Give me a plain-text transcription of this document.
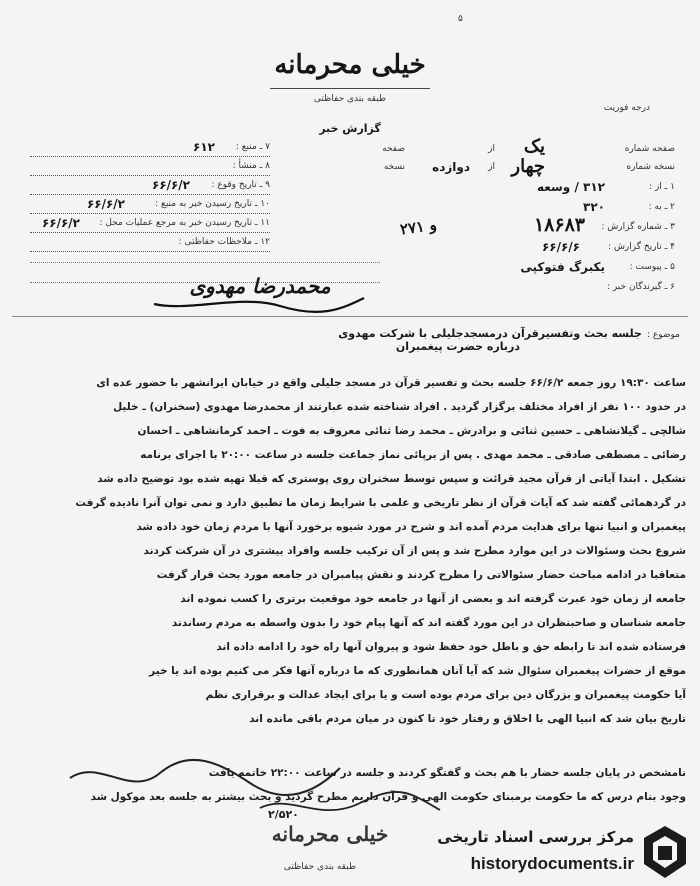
۵
خیلی محرمانه
طبقه بندی حفاظتی
درجه فوریت
گزارش خبر
صفحه شماره
یک
از
صفحه
نسخه شماره
چهار
از
دوازده
نسخه
۱ ـ از :
۳۱۲ / وسعه
۲ ـ به :
۳۲۰
۳ ـ شماره گزارش :
۱۸۶۸۳
۴ ـ تاریخ گزارش :
۶۶/۶/۶
۵ ـ پیوست :
یکبرگ فتوکپی
۶ ـ گیرندگان خبر :
۲۷۱ و
۷ ـ منبع :
۶۱۲
۸ ـ منشأ :
۹ ـ تاریخ وقوع :
۶۶/۶/۲
۱۰ ـ تاریخ رسیدن خبر به منبع :
۶۶/۶/۲
۱۱ ـ تاریخ رسیدن خبر به مرجع عملیات محل :
۶۶/۶/۲
۱۲ ـ ملاحظات حفاظتی :
محمدرضا مهدوی
موضوع : جلسه بحث وتفسیرقرآن درمسجدجلیلی با شرکت مهدوی
درباره حضرت پیغمبران
ساعت ۱۹:۳۰ روز جمعه ۶۶/۶/۲ جلسه بحث و تفسیر قرآن در مسجد جلیلی واقع در خیابان ایرانشهر با حضور عده ای
در حدود ۱۰۰ نفر از افراد مختلف برگزار گردید . افراد شناخته شده عبارتند از محمدرضا مهدوی (سخنران) ـ خلیل
شالچی ـ گیلانشاهی ـ حسین ثنائی و برادرش ـ محمد رضا ثنائی معروف به فوت ـ احمد کرمانشاهی ـ احسان
رضائی ـ مصطفی صادقی ـ محمد مهدی . پس از برپائی نماز جماعت جلسه در ساعت ۲۰:۰۰ با اجرای برنامه
تشکیل . ابتدا آیاتی از قرآن مجید قرائت و سپس توسط سخنران روی پوستری که قبلا تهیه شده بود توضیح داده شد
در گردهمائی گفته شد که آیات قرآن از نظر تاریخی و علمی با شرایط زمان ما تطبیق دارد و نمی توان آنرا نادیده گرفت
پیغمبران و انبیا تنها برای هدایت مردم آمده اند و شرح در مورد شیوه برخورد آنها با مردم زمان خود داده شد
شروع بحث وسئوالات در این موارد مطرح شد و پس از آن ترکیب جلسه وافراد بیشتری در آن شرکت کردند
متعاقبا در ادامه مباحث حضار سئوالاتی را مطرح کردند و نقش پیامبران در جامعه مورد بحث قرار گرفت
جامعه از زمان خود عبرت گرفته اند و بعضی از آنها در جامعه خود موقعیت برتری را کسب نموده اند
جامعه شناسان و صاحبنظران در این مورد گفته اند که آنها پیام خود را بدون واسطه به مردم رساندند
فرستاده شده اند تا رابطه حق و باطل خود حفظ شود و پیروان آنها راه خود را ادامه داده اند
موقع از حضرات پیغمبران سئوال شد که آیا آنان همانطوری که ما درباره آنها فکر می کنیم بوده اند یا خیر
آیا حکومت پیغمبران و بزرگان دین برای مردم بوده است و یا برای ایجاد عدالت و برقراری نظم
تاریخ بیان شد که انبیا الهی با اخلاق و رفتار خود تا کنون در میان مردم باقی مانده اند
نامشخص در پایان جلسه حضار با هم بحث و گفتگو کردند و جلسه در ساعت ۲۲:۰۰ خاتمه یافت
وجود بنام درس که ما حکومت برمبنای حکومت الهی و قرآن داریم مطرح گردید و بحث بیشتر به جلسه بعد موکول شد
۲/۵۲۰
خیلی محرمانه
طبقه بندی حفاظتی
مرکز بررسی اسناد تاریخی
historydocuments.ir
